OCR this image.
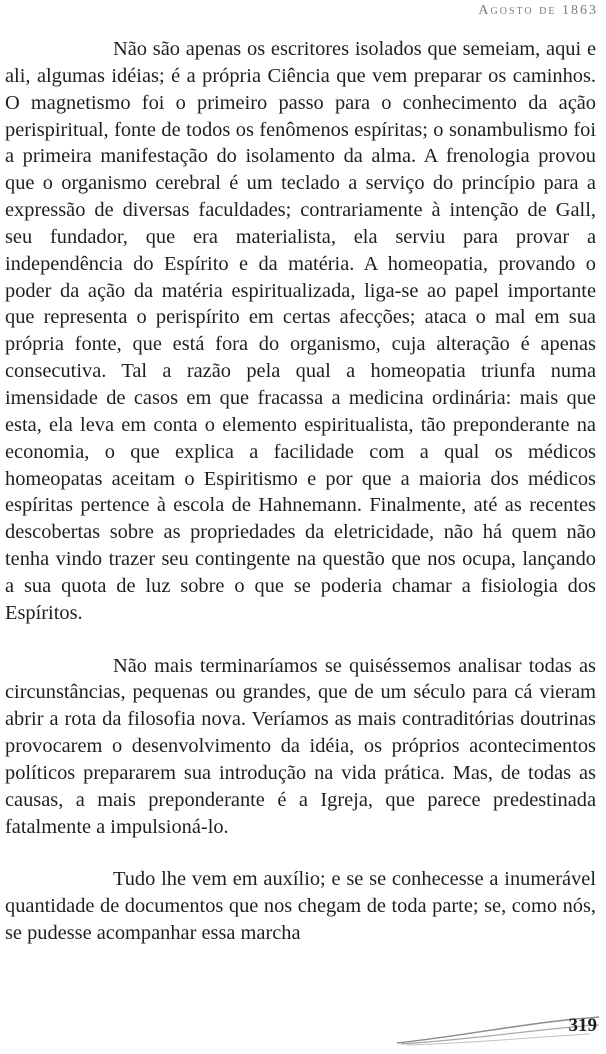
Agosto de 1863

Não são apenas os escritores isolados que semeiam, aqui e ali, algumas idéias; é a própria Ciência que vem preparar os caminhos. O magnetismo foi o primeiro passo para o conhecimento da ação perispiritual, fonte de todos os fenômenos espíritas; o sonambulismo foi a primeira manifestação do isolamento da alma. A frenologia provou que o organismo cerebral é um teclado a serviço do princípio para a expressão de diversas faculdades; contrariamente à intenção de Gall, seu fundador, que era materialista, ela serviu para provar a independência do Espírito e da matéria. A homeopatia, provando o poder da ação da matéria espiritualizada, liga-se ao papel importante que representa o perispírito em certas afecções; ataca o mal em sua própria fonte, que está fora do organismo, cuja alteração é apenas consecutiva. Tal a razão pela qual a homeopatia triunfa numa imensidade de casos em que fracassa a medicina ordinária: mais que esta, ela leva em conta o elemento espiritualista, tão preponderante na economia, o que explica a facilidade com a qual os médicos homeopatas aceitam o Espiritismo e por que a maioria dos médicos espíritas pertence à escola de Hahnemann. Finalmente, até as recentes descobertas sobre as propriedades da eletricidade, não há quem não tenha vindo trazer seu contingente na questão que nos ocupa, lançando a sua quota de luz sobre o que se poderia chamar a fisiologia dos Espíritos.

Não mais terminaríamos se quiséssemos analisar todas as circunstâncias, pequenas ou grandes, que de um século para cá vieram abrir a rota da filosofia nova. Veríamos as mais contraditórias doutrinas provocarem o desenvolvimento da idéia, os próprios acontecimentos políticos prepararem sua introdução na vida prática. Mas, de todas as causas, a mais preponderante é a Igreja, que parece predestinada fatalmente a impulsioná-lo.

Tudo lhe vem em auxílio; e se se conhecesse a inumerável quantidade de documentos que nos chegam de toda parte; se, como nós, se pudesse acompanhar essa marcha

319
